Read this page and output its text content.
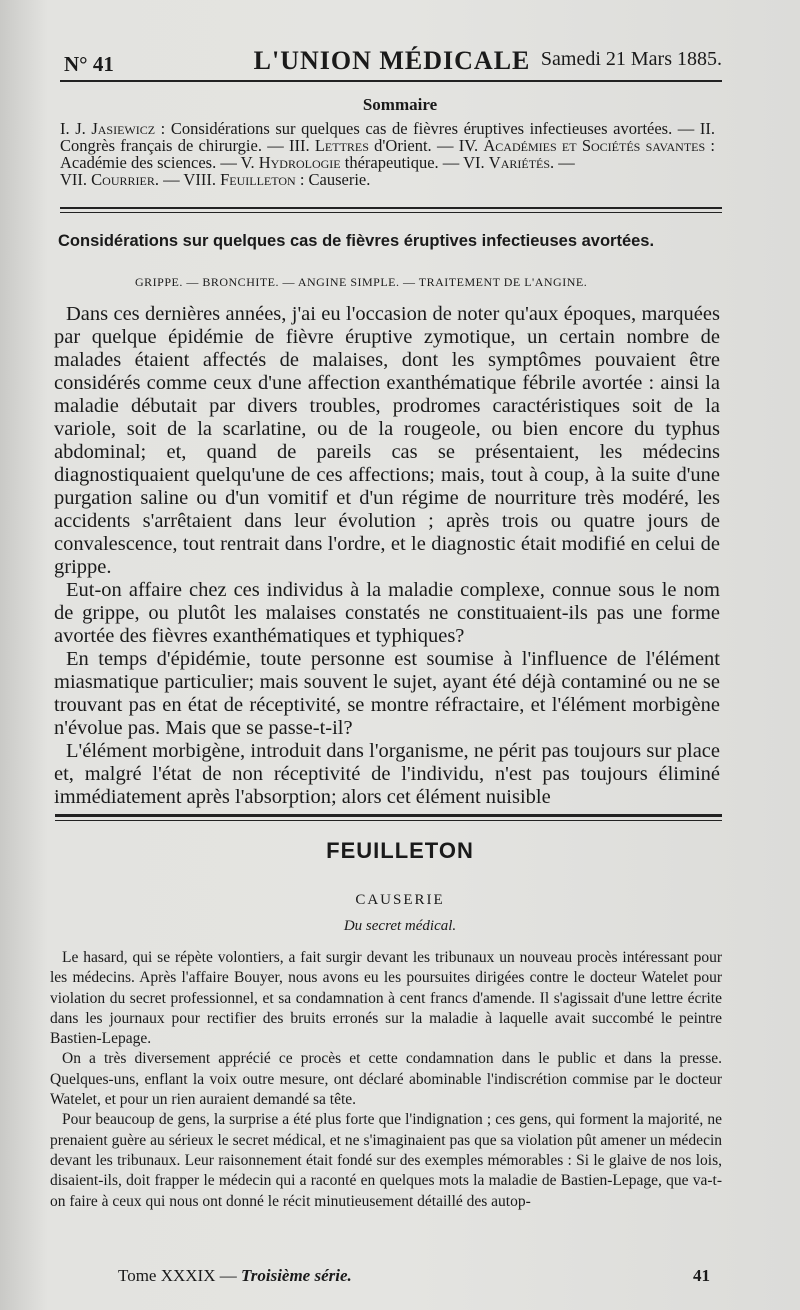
N° 41	L'UNION MÉDICALE Samedi 21 Mars 1885.
Sommaire
I. J. Jasiewicz : Considérations sur quelques cas de fièvres éruptives infectieuses avortées. — II. Congrès français de chirurgie. — III. Lettres d'Orient. — IV. Académies et Sociétés savantes : Académie des sciences. — V. Hydrologie thérapeutique. — VI. Variétés. —
VII. Courrier. — VIII. Feuilleton : Causerie.
Considérations sur quelques cas de fièvres éruptives infectieuses avortées.
GRIPPE. — BRONCHITE. — ANGINE SIMPLE. — TRAITEMENT DE L'ANGINE.

Dans ces dernières années, j'ai eu l'occasion de noter qu'aux époques, marquées par quelque épidémie de fièvre éruptive zymotique, un certain nombre de malades étaient affectés de malaises, dont les symptômes pouvaient être considérés comme ceux d'une affection exanthématique fébrile avortée : ainsi la maladie débutait par divers troubles, prodromes caractéristiques soit de la variole, soit de la scarlatine, ou de la rougeole, ou bien encore du typhus abdominal; et, quand de pareils cas se présentaient, les médecins diagnostiquaient quelqu'une de ces affections; mais, tout à coup, à la suite d'une purgation saline ou d'un vomitif et d'un régime de nourriture très modéré, les accidents s'arrêtaient dans leur évolution ; après trois ou quatre jours de convalescence, tout rentrait dans l'ordre, et le diagnostic était modifié en celui de grippe.

Eut-on affaire chez ces individus à la maladie complexe, connue sous le nom de grippe, ou plutôt les malaises constatés ne constituaient-ils pas une forme avortée des fièvres exanthématiques et typhiques?

En temps d'épidémie, toute personne est soumise à l'influence de l'élément miasmatique particulier; mais souvent le sujet, ayant été déjà contaminé ou ne se trouvant pas en état de réceptivité, se montre réfractaire, et l'élément morbigène n'évolue pas. Mais que se passe-t-il?

L'élément morbigène, introduit dans l'organisme, ne périt pas toujours sur place et, malgré l'état de non réceptivité de l'individu, n'est pas toujours éliminé immédiatement après l'absorption; alors cet élément nuisible

FEUILLETON
CAUSERIE
Du secret médical.

Le hasard, qui se répète volontiers, a fait surgir devant les tribunaux un nouveau procès intéressant pour les médecins. Après l'affaire Bouyer, nous avons eu les poursuites dirigées contre le docteur Watelet pour violation du secret professionnel, et sa condamnation à cent francs d'amende. Il s'agissait d'une lettre écrite dans les journaux pour rectifier des bruits erronés sur la maladie à laquelle avait succombé le peintre Bastien-Lepage.

On a très diversement apprécié ce procès et cette condamnation dans le public et dans la presse. Quelques-uns, enflant la voix outre mesure, ont déclaré abominable l'indiscrétion commise par le docteur Watelet, et pour un rien auraient demandé sa tête.

Pour beaucoup de gens, la surprise a été plus forte que l'indignation ; ces gens, qui forment la majorité, ne prenaient guère au sérieux le secret médical, et ne s'imaginaient pas que sa violation pût amener un médecin devant les tribunaux. Leur raisonnement était fondé sur des exemples mémorables : Si le glaive de nos lois, disaient-ils, doit frapper le médecin qui a raconté en quelques mots la maladie de Bastien-Lepage, que va-t-on faire à ceux qui nous ont donné le récit minutieusement détaillé des autop-

Tome XXXIX — Troisième série.	41
